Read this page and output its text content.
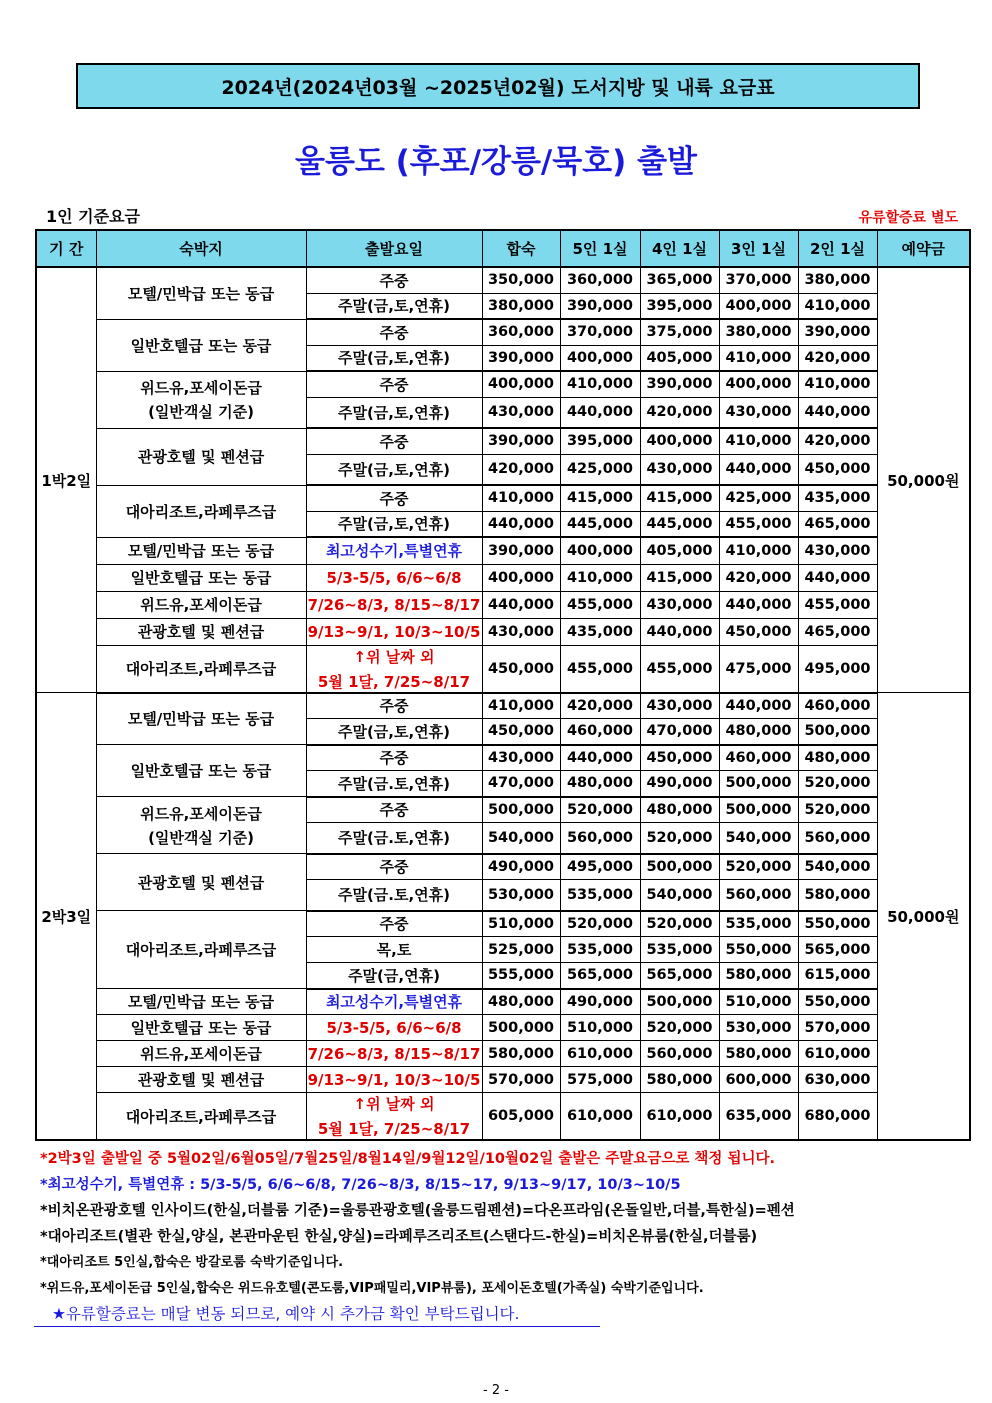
2024년(2024년03월 ~2025년02월) 도서지방 및 내륙 요금표
울릉도 (후포/강릉/묵호) 출발
1인 기준요금	유류할증료 별도
기 간	숙박지	출발요일	합숙	5인 1실	4인 1실	3인 1실	2인 1실	예약금
1박2일	모텔/민박급 또는 동급	주중	350,000	360,000	365,000	370,000	380,000	50,000원
		주말(금,토,연휴)	380,000	390,000	395,000	400,000	410,000	

	일반호텔급 또는 동급	주중	360,000	370,000	375,000	380,000	390,000	
		주말(금,토,연휴)	390,000	400,000	405,000	410,000	420,000	

	위드유,포세이돈급
(일반객실 기준)	주중	400,000	410,000	390,000	400,000	410,000	
		주말(금,토,연휴)	430,000	440,000	420,000	430,000	440,000	

	관광호텔 및 펜션급	주중	390,000	395,000	400,000	410,000	420,000	
		주말(금,토,연휴)	420,000	425,000	430,000	440,000	450,000	

	대아리조트,라페루즈급	주중	410,000	415,000	415,000	425,000	435,000	
		주말(금,토,연휴)	440,000	445,000	445,000	455,000	465,000	

	모텔/민박급 또는 동급	최고성수기,특별연휴	390,000	400,000	405,000	410,000	430,000	

	일반호텔급 또는 동급	5/3-5/5, 6/6~6/8	400,000	410,000	415,000	420,000	440,000	

	위드유,포세이돈급	7/26~8/3, 8/15~8/17	440,000	455,000	430,000	440,000	455,000	

	관광호텔 및 펜션급	9/13~9/1, 10/3~10/5	430,000	435,000	440,000	450,000	465,000	

	대아리조트,라페루즈급	↑위 날짜 외
5월 1달, 7/25~8/17	450,000	455,000	455,000	475,000	495,000	
2박3일	모텔/민박급 또는 동급	주중	410,000	420,000	430,000	440,000	460,000	50,000원
		주말(금,토,연휴)	450,000	460,000	470,000	480,000	500,000	

	일반호텔급 또는 동급	주중	430,000	440,000	450,000	460,000	480,000	
		주말(금.토,연휴)	470,000	480,000	490,000	500,000	520,000	

	위드유,포세이돈급
(일반객실 기준)	주중	500,000	520,000	480,000	500,000	520,000	
		주말(금.토,연휴)	540,000	560,000	520,000	540,000	560,000	

	관광호텔 및 펜션급	주중	490,000	495,000	500,000	520,000	540,000	
		주말(금.토,연휴)	530,000	535,000	540,000	560,000	580,000	

	대아리조트,라페루즈급	주중	510,000	520,000	520,000	535,000	550,000	
		목,토	525,000	535,000	535,000	550,000	565,000	
		주말(금,연휴)	555,000	565,000	565,000	580,000	615,000	

	모텔/민박급 또는 동급	최고성수기,특별연휴	480,000	490,000	500,000	510,000	550,000	

	일반호텔급 또는 동급	5/3-5/5, 6/6~6/8	500,000	510,000	520,000	530,000	570,000	

	위드유,포세이돈급	7/26~8/3, 8/15~8/17	580,000	610,000	560,000	580,000	610,000	

	관광호텔 및 펜션급	9/13~9/1, 10/3~10/5	570,000	575,000	580,000	600,000	630,000	

	대아리조트,라페루즈급	↑위 날짜 외
5월 1달, 7/25~8/17	605,000	610,000	610,000	635,000	680,000	
*2박3일 출발일 중 5월02일/6월05일/7월25일/8월14일/9월12일/10월02일 출발은 주말요금으로 책정 됩니다.
*최고성수기, 특별연휴 : 5/3-5/5, 6/6~6/8, 7/26~8/3, 8/15~17, 9/13~9/17, 10/3~10/5
*비치온관광호텔 인사이드(한실,더블룸 기준)=울릉관광호텔(울릉드림펜션)=다온프라임(온돌일반,더블,특한실)=펜션
*대아리조트(별관 한실,양실, 본관마운틴 한실,양실)=라페루즈리조트(스탠다드-한실)=비치온뷰룸(한실,더블룸)
*대아리조트 5인실,합숙은 방갈로룸 숙박기준입니다.
*위드유,포세이돈급 5인실,합숙은 위드유호텔(콘도룸,VIP패밀리,VIP뷰룸), 포세이돈호텔(가족실) 숙박기준입니다.
★유류할증료는 매달 변동 되므로, 예약 시 추가금 확인 부탁드립니다.
- 2 -
